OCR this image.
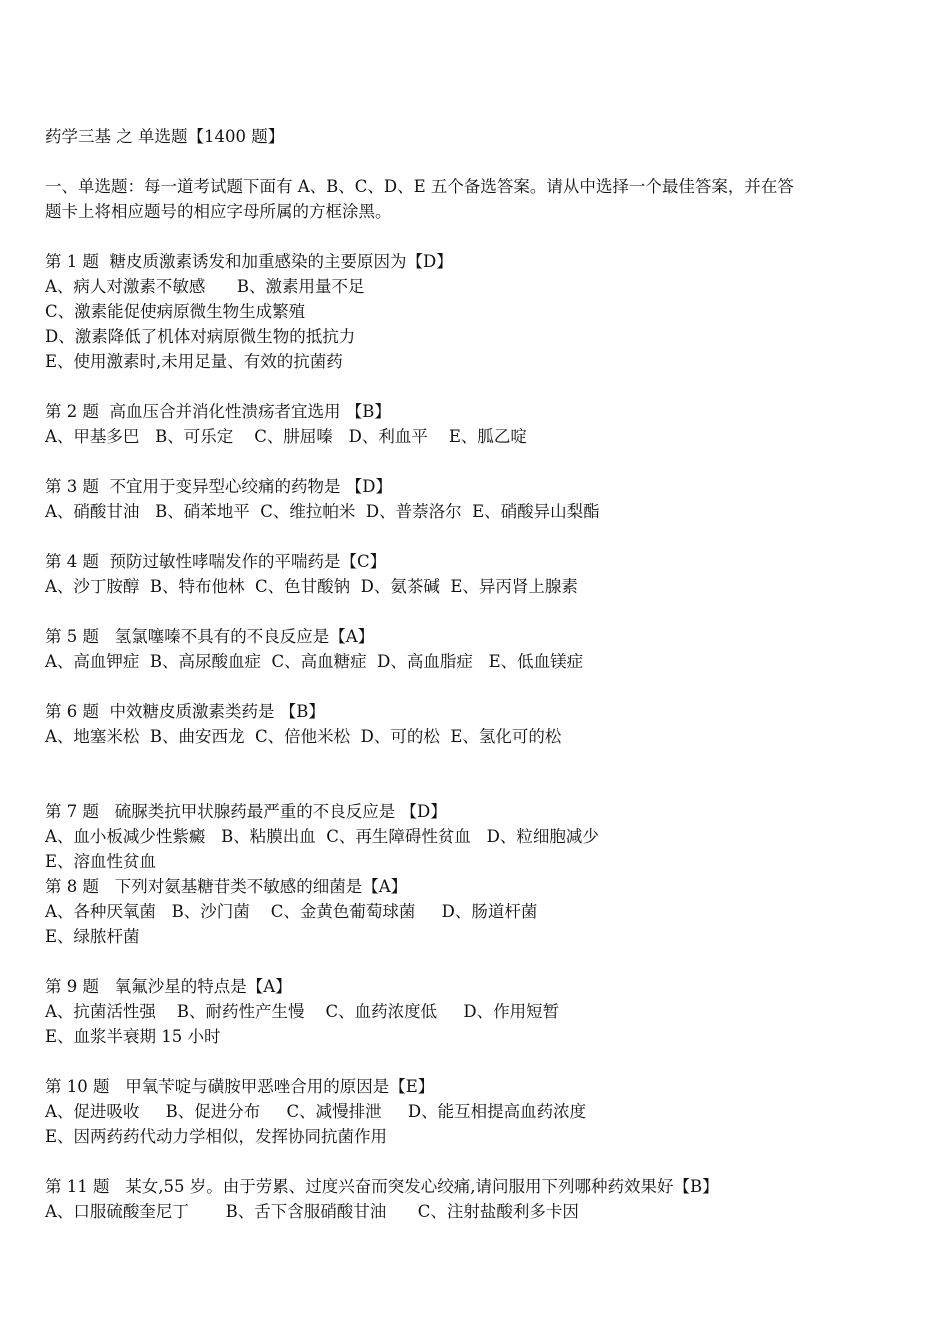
药学三基 之 单选题【1400 题】
一、单选题：每一道考试题下面有 A、B、C、D、E 五个备选答案。请从中选择一个最佳答案，并在答
题卡上将相应题号的相应字母所属的方框涂黑。
第 1 题  糖皮质激素诱发和加重感染的主要原因为【D】
A、病人对激素不敏感      B、激素用量不足
C、激素能促使病原微生物生成繁殖
D、激素降低了机体对病原微生物的抵抗力
E、使用激素时,未用足量、有效的抗菌药
第 2 题  高血压合并消化性溃疡者宜选用 【B】
A、甲基多巴   B、可乐定    C、肼屈嗪   D、利血平    E、胍乙啶
第 3 题  不宜用于变异型心绞痛的药物是 【D】
A、硝酸甘油   B、硝苯地平  C、维拉帕米  D、普萘洛尔  E、硝酸异山梨酯
第 4 题  预防过敏性哮喘发作的平喘药是【C】
A、沙丁胺醇  B、特布他林  C、色甘酸钠  D、氨茶碱  E、异丙肾上腺素
第 5 题   氢氯噻嗪不具有的不良反应是【A】
A、高血钾症  B、高尿酸血症  C、高血糖症  D、高血脂症   E、低血镁症
第 6 题  中效糖皮质激素类药是 【B】
A、地塞米松  B、曲安西龙  C、倍他米松  D、可的松  E、氢化可的松
第 7 题   硫脲类抗甲状腺药最严重的不良反应是 【D】
A、血小板减少性紫癜   B、粘膜出血  C、再生障碍性贫血   D、粒细胞减少
E、溶血性贫血
第 8 题   下列对氨基糖苷类不敏感的细菌是【A】
A、各种厌氧菌   B、沙门菌    C、金黄色葡萄球菌     D、肠道杆菌
E、绿脓杆菌
第 9 题   氧氟沙星的特点是【A】
A、抗菌活性强    B、耐药性产生慢    C、血药浓度低     D、作用短暂
E、血浆半衰期 15 小时
第 10 题   甲氧苄啶与磺胺甲恶唑合用的原因是【E】
A、促进吸收     B、促进分布     C、减慢排泄     D、能互相提高血药浓度
E、因两药药代动力学相似，发挥协同抗菌作用
第 11 题   某女,55 岁。由于劳累、过度兴奋而突发心绞痛,请问服用下列哪种药效果好【B】
A、口服硫酸奎尼丁       B、舌下含服硝酸甘油      C、注射盐酸利多卡因
